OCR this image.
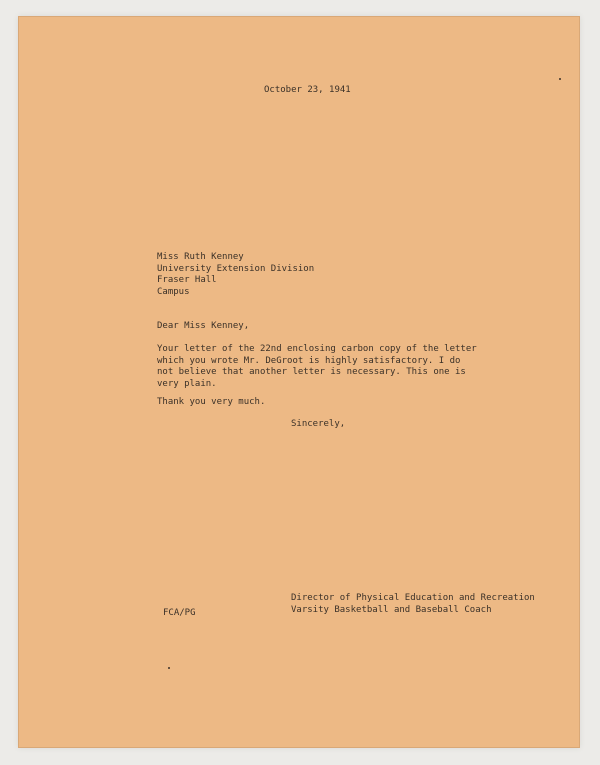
October 23, 1941
Miss Ruth Kenney
University Extension Division
Fraser Hall
Campus
Dear Miss Kenney,
Your letter of the 22nd enclosing carbon copy of the letter
which you wrote Mr. DeGroot is highly satisfactory. I do
not believe that another letter is necessary. This one is
very plain.
Thank you very much.
Sincerely,
Director of Physical Education and Recreation
Varsity Basketball and Baseball Coach
FCA/PG
